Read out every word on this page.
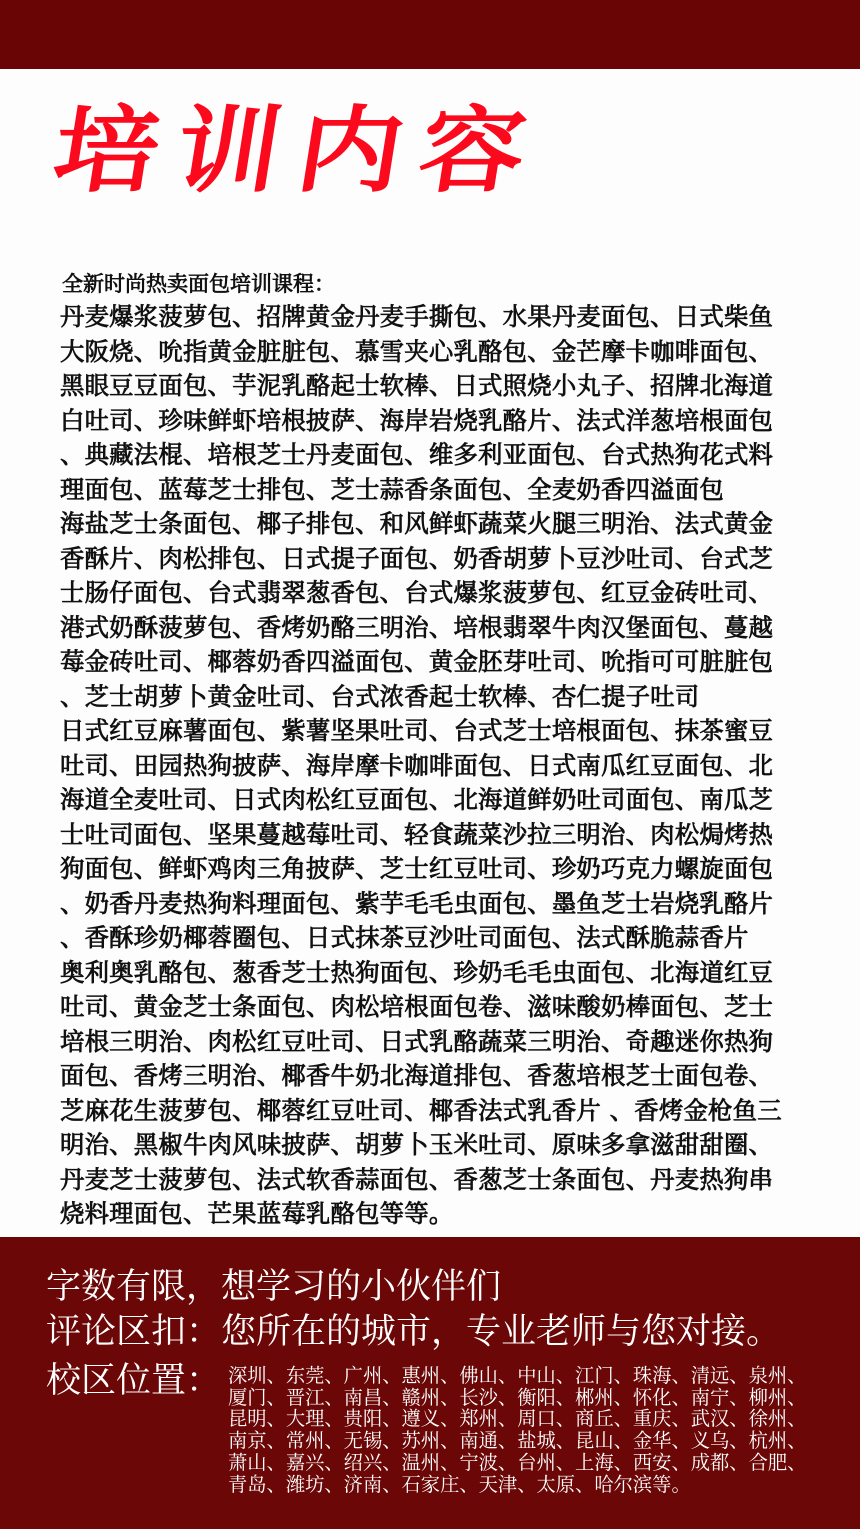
培训内容
全新时尚热卖面包培训课程：
丹麦爆浆菠萝包、招牌黄金丹麦手撕包、水果丹麦面包、日式柴鱼
大阪烧、吮指黄金脏脏包、慕雪夹心乳酪包、金芒摩卡咖啡面包、
黑眼豆豆面包、芋泥乳酪起士软棒、日式照烧小丸子、招牌北海道
白吐司、珍味鲜虾培根披萨、海岸岩烧乳酪片、法式洋葱培根面包
、典藏法棍、培根芝士丹麦面包、维多利亚面包、台式热狗花式料
理面包、蓝莓芝士排包、芝士蒜香条面包、全麦奶香四溢面包
海盐芝士条面包、椰子排包、和风鲜虾蔬菜火腿三明治、法式黄金
香酥片、肉松排包、日式提子面包、奶香胡萝卜豆沙吐司、台式芝
士肠仔面包、台式翡翠葱香包、台式爆浆菠萝包、红豆金砖吐司、
港式奶酥菠萝包、香烤奶酪三明治、培根翡翠牛肉汉堡面包、蔓越
莓金砖吐司、椰蓉奶香四溢面包、黄金胚芽吐司、吮指可可脏脏包
、芝士胡萝卜黄金吐司、台式浓香起士软棒、杏仁提子吐司
日式红豆麻薯面包、紫薯坚果吐司、台式芝士培根面包、抹茶蜜豆
吐司、田园热狗披萨、海岸摩卡咖啡面包、日式南瓜红豆面包、北
海道全麦吐司、日式肉松红豆面包、北海道鲜奶吐司面包、南瓜芝
士吐司面包、坚果蔓越莓吐司、轻食蔬菜沙拉三明治、肉松焗烤热
狗面包、鲜虾鸡肉三角披萨、芝士红豆吐司、珍奶巧克力螺旋面包
、奶香丹麦热狗料理面包、紫芋毛毛虫面包、墨鱼芝士岩烧乳酪片
、香酥珍奶椰蓉圈包、日式抹茶豆沙吐司面包、法式酥脆蒜香片
奥利奥乳酪包、葱香芝士热狗面包、珍奶毛毛虫面包、北海道红豆
吐司、黄金芝士条面包、肉松培根面包卷、滋味酸奶棒面包、芝士
培根三明治、肉松红豆吐司、日式乳酪蔬菜三明治、奇趣迷你热狗
面包、香烤三明治、椰香牛奶北海道排包、香葱培根芝士面包卷、
芝麻花生菠萝包、椰蓉红豆吐司、椰香法式乳香片 、香烤金枪鱼三
明治、黑椒牛肉风味披萨、胡萝卜玉米吐司、原味多拿滋甜甜圈、
丹麦芝士菠萝包、法式软香蒜面包、香葱芝士条面包、丹麦热狗串
烧料理面包、芒果蓝莓乳酪包等等。
字数有限，想学习的小伙伴们
评论区扣：您所在的城市，专业老师与您对接。
校区位置： 深圳、东莞、广州、惠州、佛山、中山、江门、珠海、清远、泉州、
厦门、晋江、南昌、赣州、长沙、衡阳、郴州、怀化、南宁、柳州、
昆明、大理、贵阳、遵义、郑州、周口、商丘、重庆、武汉、徐州、
南京、常州、无锡、苏州、南通、盐城、昆山、金华、义乌、杭州、
萧山、嘉兴、绍兴、温州、宁波、台州、上海、西安、成都、合肥、
青岛、潍坊、济南、石家庄、天津、太原、哈尔滨等。
